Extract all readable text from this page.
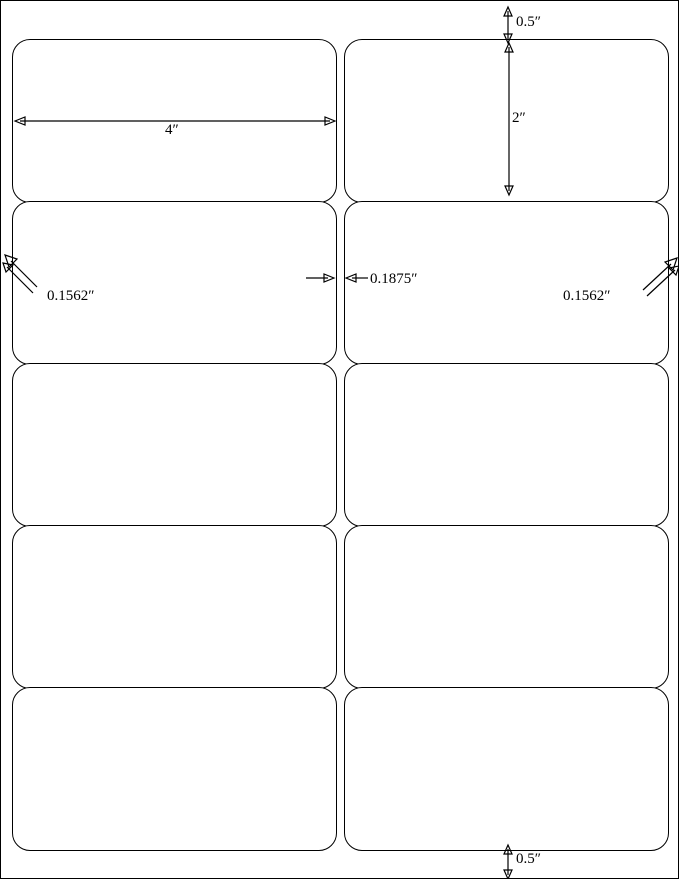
0.5″
0.5″
4″
2″
0.1562″
0.1875″
0.1562″
